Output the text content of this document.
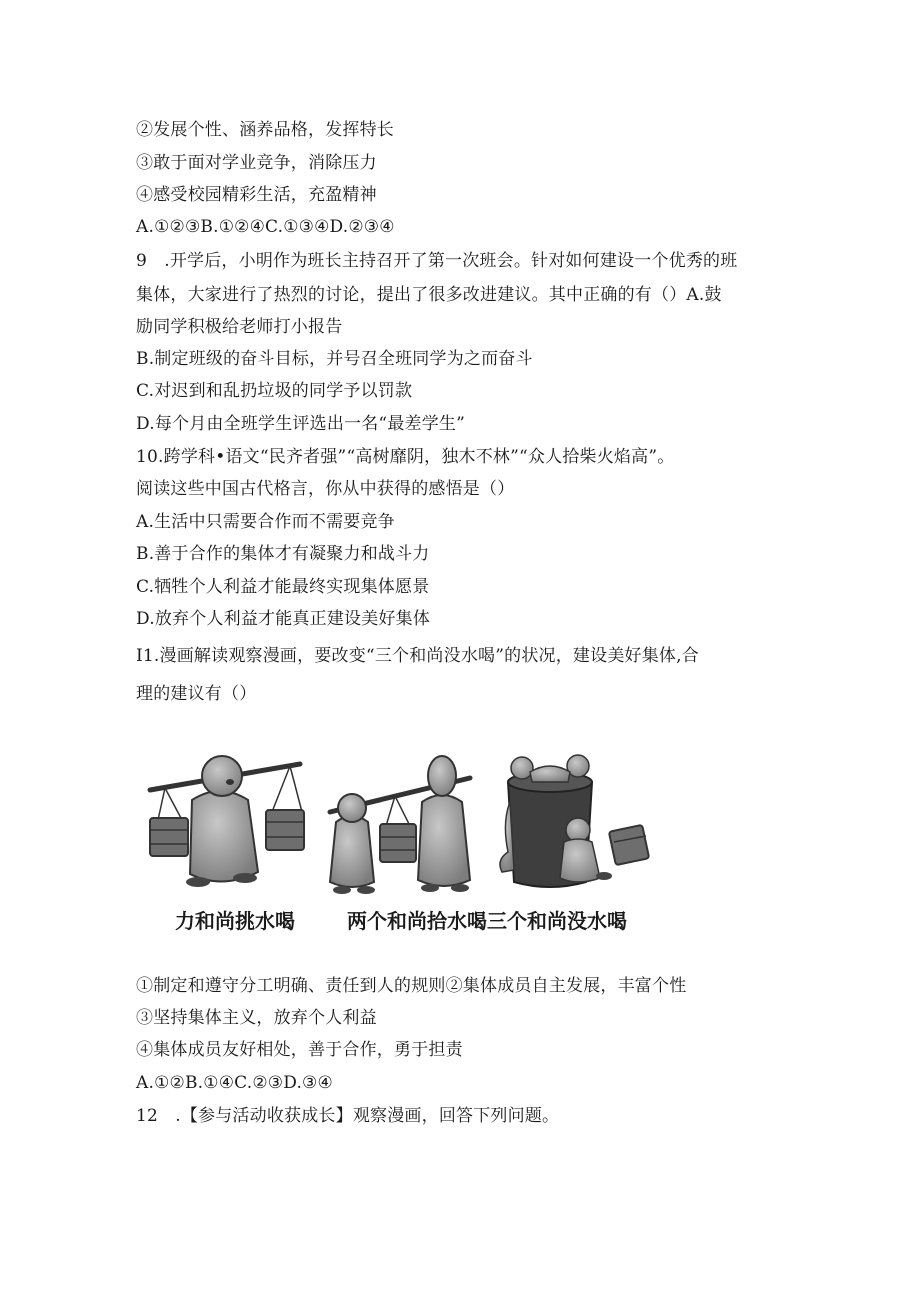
②发展个性、涵养品格，发挥特长
③敢于面对学业竞争，消除压力
④感受校园精彩生活，充盈精神
A.①②③B.①②④C.①③④D.②③④
9　.开学后，小明作为班长主持召开了第一次班会。针对如何建设一个优秀的班
集体，大家进行了热烈的讨论，提出了很多改进建议。其中正确的有（）A.鼓
励同学积极给老师打小报告
B.制定班级的奋斗目标，并号召全班同学为之而奋斗
C.对迟到和乱扔垃圾的同学予以罚款
D.每个月由全班学生评选出一名“最差学生”
10.跨学科•语文“民齐者强”“高树靡阴，独木不林”“众人拾柴火焰高”。
阅读这些中国古代格言，你从中获得的感悟是（）
A.生活中只需要合作而不需要竞争
B.善于合作的集体才有凝聚力和战斗力
C.牺牲个人利益才能最终实现集体愿景
D.放弃个人利益才能真正建设美好集体
I1.漫画解读观察漫画，要改变“三个和尚没水喝”的状况，建设美好集体,合
理的建议有（）
力和尚挑水喝	两个和尚拾水喝三个和尚没水喝
①制定和遵守分工明确、责任到人的规则②集体成员自主发展，丰富个性
③坚持集体主义，放弃个人利益
④集体成员友好相处，善于合作，勇于担责
A.①②B.①④C.②③D.③④
12　.【参与活动收获成长】观察漫画，回答下列问题。
